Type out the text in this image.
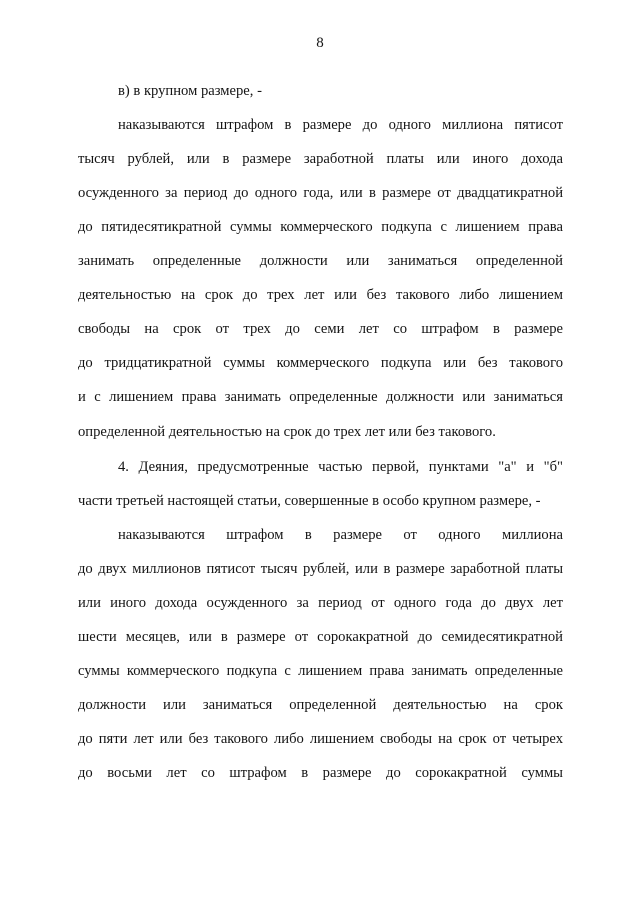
8
в) в крупном размере, -
наказываются штрафом в размере до одного миллиона пятисот
тысяч рублей, или в размере заработной платы или иного дохода
осужденного за период до одного года, или в размере от двадцатикратной
до пятидесятикратной суммы коммерческого подкупа с лишением права
занимать определенные должности или заниматься определенной
деятельностью на срок до трех лет или без такового либо лишением
свободы на срок от трех до семи лет со штрафом в размере
до тридцатикратной суммы коммерческого подкупа или без такового
и с лишением права занимать определенные должности или заниматься
определенной деятельностью на срок до трех лет или без такового.
4. Деяния, предусмотренные частью первой, пунктами "а" и "б"
части третьей настоящей статьи, совершенные в особо крупном размере, -
наказываются штрафом в размере от одного миллиона
до двух миллионов пятисот тысяч рублей, или в размере заработной платы
или иного дохода осужденного за период от одного года до двух лет
шести месяцев, или в размере от сорокакратной до семидесятикратной
суммы коммерческого подкупа с лишением права занимать определенные
должности или заниматься определенной деятельностью на срок
до пяти лет или без такового либо лишением свободы на срок от четырех
до восьми лет со штрафом в размере до сорокакратной суммы
